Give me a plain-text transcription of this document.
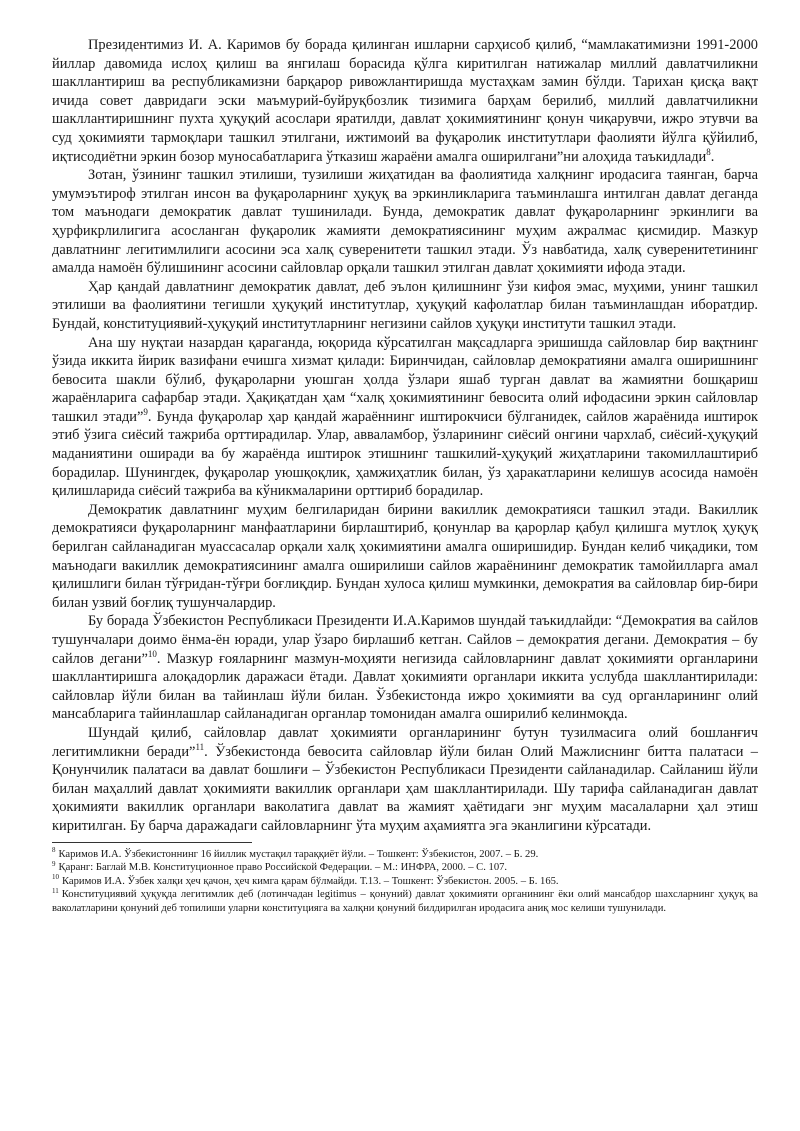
Президентимиз И. А. Каримов бу борада қилинган ишларни сарҳисоб қилиб, “мамлакатимизни 1991-2000 йиллар давомида ислоҳ қилиш ва янгилаш борасида қўлга киритилган натижалар миллий давлатчиликни шакллантириш ва республикамизни барқарор ривожлантиришда мустаҳкам замин бўлди. Тарихан қисқа вақт ичида совет давридаги эски маъмурий-буйруқбозлик тизимига барҳам берилиб, миллий давлатчиликни шакллантиришнинг пухта ҳуқуқий асослари яратилди, давлат ҳокимиятининг қонун чиқарувчи, ижро этувчи ва суд ҳокимияти тармоқлари ташкил этилгани, ижтимоий ва фуқаролик институтлари фаолияти йўлга қўйилиб, иқтисодиётни эркин бозор муносабатларига ўтказиш жараёни амалга оширилгани”ни алоҳида таъкидлади$^8$.

Зотан, ўзининг ташкил этилиши, тузилиши жиҳатидан ва фаолиятида халқнинг иродасига таянган, барча умумэътироф этилган инсон ва фуқароларнинг ҳуқуқ ва эркинликларига таъминлашга интилган давлат деганда том маънодаги демократик давлат тушинилади. Бунда, демократик давлат фуқароларнинг эркинлиги ва ҳурфикрлилигига асосланган фуқаролик жамияти демократиясининг муҳим ажралмас қисмидир. Мазкур давлатнинг легитимлилиги асосини эса халқ суверенитети ташкил этади. Ўз навбатида, халқ суверенитетининг амалда намоён бўлишининг асосини сайловлар орқали ташкил этилган давлат ҳокимияти ифода этади.

Ҳар қандай давлатнинг демократик давлат, деб эълон қилишнинг ўзи кифоя эмас, муҳими, унинг ташкил этилиши ва фаолиятини тегишли ҳуқуқий институтлар, ҳуқуқий кафолатлар билан таъминлашдан иборатдир. Бундай, конституциявий-ҳуқуқий институтларнинг негизини сайлов ҳуқуқи институти ташкил этади.

Ана шу нуқтаи назардан қараганда, юқорида кўрсатилган мақсадларга эришишда сайловлар бир вақтнинг ўзида иккита йирик вазифани ечишга хизмат қилади: Биринчидан, сайловлар демократияни амалга оширишнинг бевосита шакли бўлиб, фуқароларни уюшган ҳолда ўзлари яшаб турган давлат ва жамиятни бошқариш жараёнларига сафарбар этади. Ҳақиқатдан ҳам “халқ ҳокимиятининг бевосита олий ифодасини эркин сайловлар ташкил этади”$^9$. Бунда фуқаролар ҳар қандай жараённинг иштирокчиси бўлганидек, сайлов жараёнида иштирок этиб ўзига сиёсий тажриба орттирадилар. Улар, авваламбор, ўзларининг сиёсий онгини чархлаб, сиёсий-ҳуқуқий маданиятини оширади ва бу жараёнда иштирок этишнинг ташкилий-ҳуқуқий жиҳатларини такомиллаштириб борадилар. Шунингдек, фуқаролар уюшқоқлик, ҳамжиҳатлик билан, ўз ҳаракатларини келишув асосида намоён қилишларида сиёсий тажриба ва кўникмаларини орттириб борадилар.

Демократик давлатнинг муҳим белгиларидан бирини вакиллик демократияси ташкил этади. Вакиллик демократияси фуқароларнинг манфаатларини бирлаштириб, қонунлар ва қарорлар қабул қилишга мутлоқ ҳуқуқ берилган сайланадиган муассасалар орқали халқ ҳокимиятини амалга оширишидир. Бундан келиб чиқадики, том маънодаги вакиллик демократиясининг амалга оширилиши сайлов жараёнининг демократик тамойилларга амал қилишлиги билан тўғридан-тўғри боғлиқдир. Бундан хулоса қилиш мумкинки, демократия ва сайловлар бир-бири билан узвий боғлиқ тушунчалардир.

Бу борада Ўзбекистон Республикаси Президенти И.А.Каримов шундай таъкидлайди: “Демократия ва сайлов тушунчалари доимо ёнма-ён юради, улар ўзаро бирлашиб кетган. Сайлов – демократия дегани. Демократия – бу сайлов дегани”$^{10}$. Мазкур ғояларнинг мазмун-моҳияти негизида сайловларнинг давлат ҳокимияти органларини шакллантиришга алоқадорлик даражаси ётади. Давлат ҳокимияти органлари иккита услубда шакллантирилади: сайловлар йўли билан ва тайинлаш йўли билан. Ўзбекистонда ижро ҳокимияти ва суд органларининг олий мансабларига тайинлашлар сайланадиган органлар томонидан амалга оширилиб келинмоқда.

Шундай қилиб, сайловлар давлат ҳокимияти органларининг бутун тузилмасига олий бошланғич легитимликни беради”$^{11}$. Ўзбекистонда бевосита сайловлар йўли билан Олий Мажлиснинг битта палатаси – Қонунчилик палатаси ва давлат бошлиғи – Ўзбекистон Республикаси Президенти сайланадилар. Сайланиш йўли билан маҳаллий давлат ҳокимияти вакиллик органлари ҳам шакллантирилади. Шу тарифа сайланадиган давлат ҳокимияти вакиллик органлари ваколатига давлат ва жамият ҳаётидаги энг муҳим масалаларни ҳал этиш киритилган. Бу барча даражадаги сайловларнинг ўта муҳим аҳамиятга эга эканлигини кўрсатади.

$^8$ Каримов И.А. Ўзбекистоннинг 16 йиллик мустақил тараққиёт йўли. – Тошкент: Ўзбекистон, 2007. – Б. 29.

$^9$ Қаранг: Баглай М.В. Конституционное право Российской Федерации. – М.: ИНФРА, 2000. – С. 107.

$^{10}$ Каримов И.А. Ўзбек халқи ҳеч қачон, ҳеч кимга қарам бўлмайди. Т.13. – Тошкент: Ўзбекистон. 2005. – Б. 165.

$^{11}$ Конституциявий ҳуқуқда легитимлик деб (лотинчадан legitimus – қонуний) давлат ҳокимияти органининг ёки олий мансабдор шахсларнинг ҳуқуқ ва ваколатларини қонуний деб топилиши уларни конституцияга ва халқни қонуний билдирилган иродасига аниқ мос келиши тушунилади.
